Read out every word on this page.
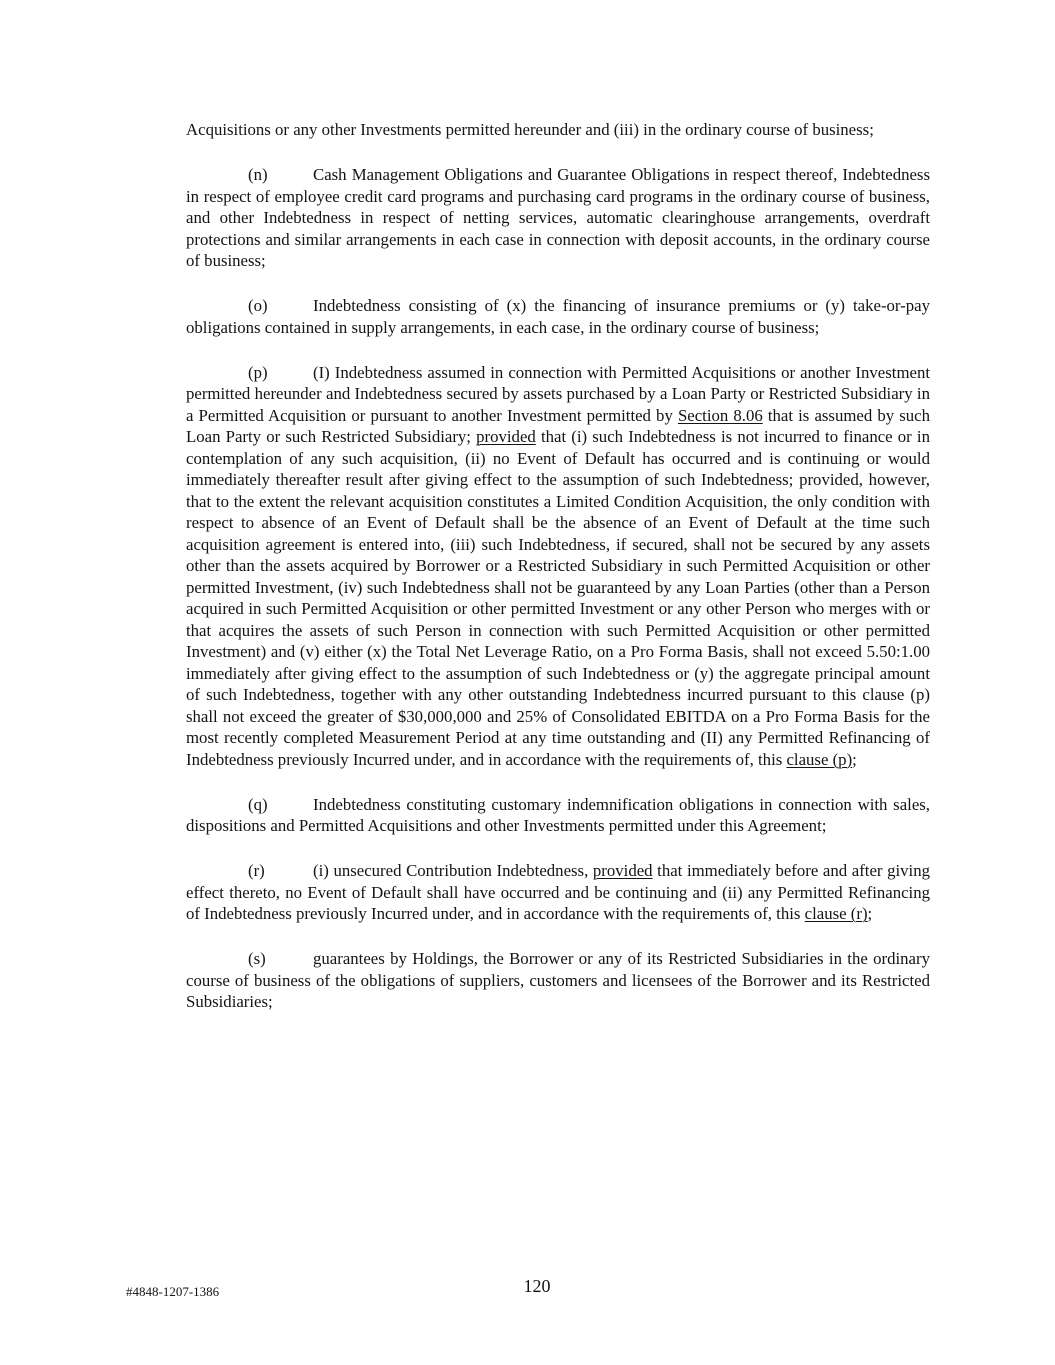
Acquisitions or any other Investments permitted hereunder and (iii) in the ordinary course of business;

(n)	Cash Management Obligations and Guarantee Obligations in respect thereof, Indebtedness in respect of employee credit card programs and purchasing card programs in the ordinary course of business, and other Indebtedness in respect of netting services, automatic clearinghouse arrangements, overdraft protections and similar arrangements in each case in connection with deposit accounts, in the ordinary course of business;

(o)	Indebtedness consisting of (x) the financing of insurance premiums or (y) take-or-pay obligations contained in supply arrangements, in each case, in the ordinary course of business;

(p)	(I) Indebtedness assumed in connection with Permitted Acquisitions or another Investment permitted hereunder and Indebtedness secured by assets purchased by a Loan Party or Restricted Subsidiary in a Permitted Acquisition or pursuant to another Investment permitted by Section 8.06 that is assumed by such Loan Party or such Restricted Subsidiary; provided that (i) such Indebtedness is not incurred to finance or in contemplation of any such acquisition, (ii) no Event of Default has occurred and is continuing or would immediately thereafter result after giving effect to the assumption of such Indebtedness; provided, however, that to the extent the relevant acquisition constitutes a Limited Condition Acquisition, the only condition with respect to absence of an Event of Default shall be the absence of an Event of Default at the time such acquisition agreement is entered into, (iii) such Indebtedness, if secured, shall not be secured by any assets other than the assets acquired by Borrower or a Restricted Subsidiary in such Permitted Acquisition or other permitted Investment, (iv) such Indebtedness shall not be guaranteed by any Loan Parties (other than a Person acquired in such Permitted Acquisition or other permitted Investment or any other Person who merges with or that acquires the assets of such Person in connection with such Permitted Acquisition or other permitted Investment) and (v) either (x) the Total Net Leverage Ratio, on a Pro Forma Basis, shall not exceed 5.50:1.00 immediately after giving effect to the assumption of such Indebtedness or (y) the aggregate principal amount of such Indebtedness, together with any other outstanding Indebtedness incurred pursuant to this clause (p) shall not exceed the greater of $30,000,000 and 25% of Consolidated EBITDA on a Pro Forma Basis for the most recently completed Measurement Period at any time outstanding and (II) any Permitted Refinancing of Indebtedness previously Incurred under, and in accordance with the requirements of, this clause (p);

(q)	Indebtedness constituting customary indemnification obligations in connection with sales, dispositions and Permitted Acquisitions and other Investments permitted under this Agreement;

(r)	(i) unsecured Contribution Indebtedness, provided that immediately before and after giving effect thereto, no Event of Default shall have occurred and be continuing and (ii) any Permitted Refinancing of Indebtedness previously Incurred under, and in accordance with the requirements of, this clause (r);

(s)	guarantees by Holdings, the Borrower or any of its Restricted Subsidiaries in the ordinary course of business of the obligations of suppliers, customers and licensees of the Borrower and its Restricted Subsidiaries;

#4848-1207-1386	120
